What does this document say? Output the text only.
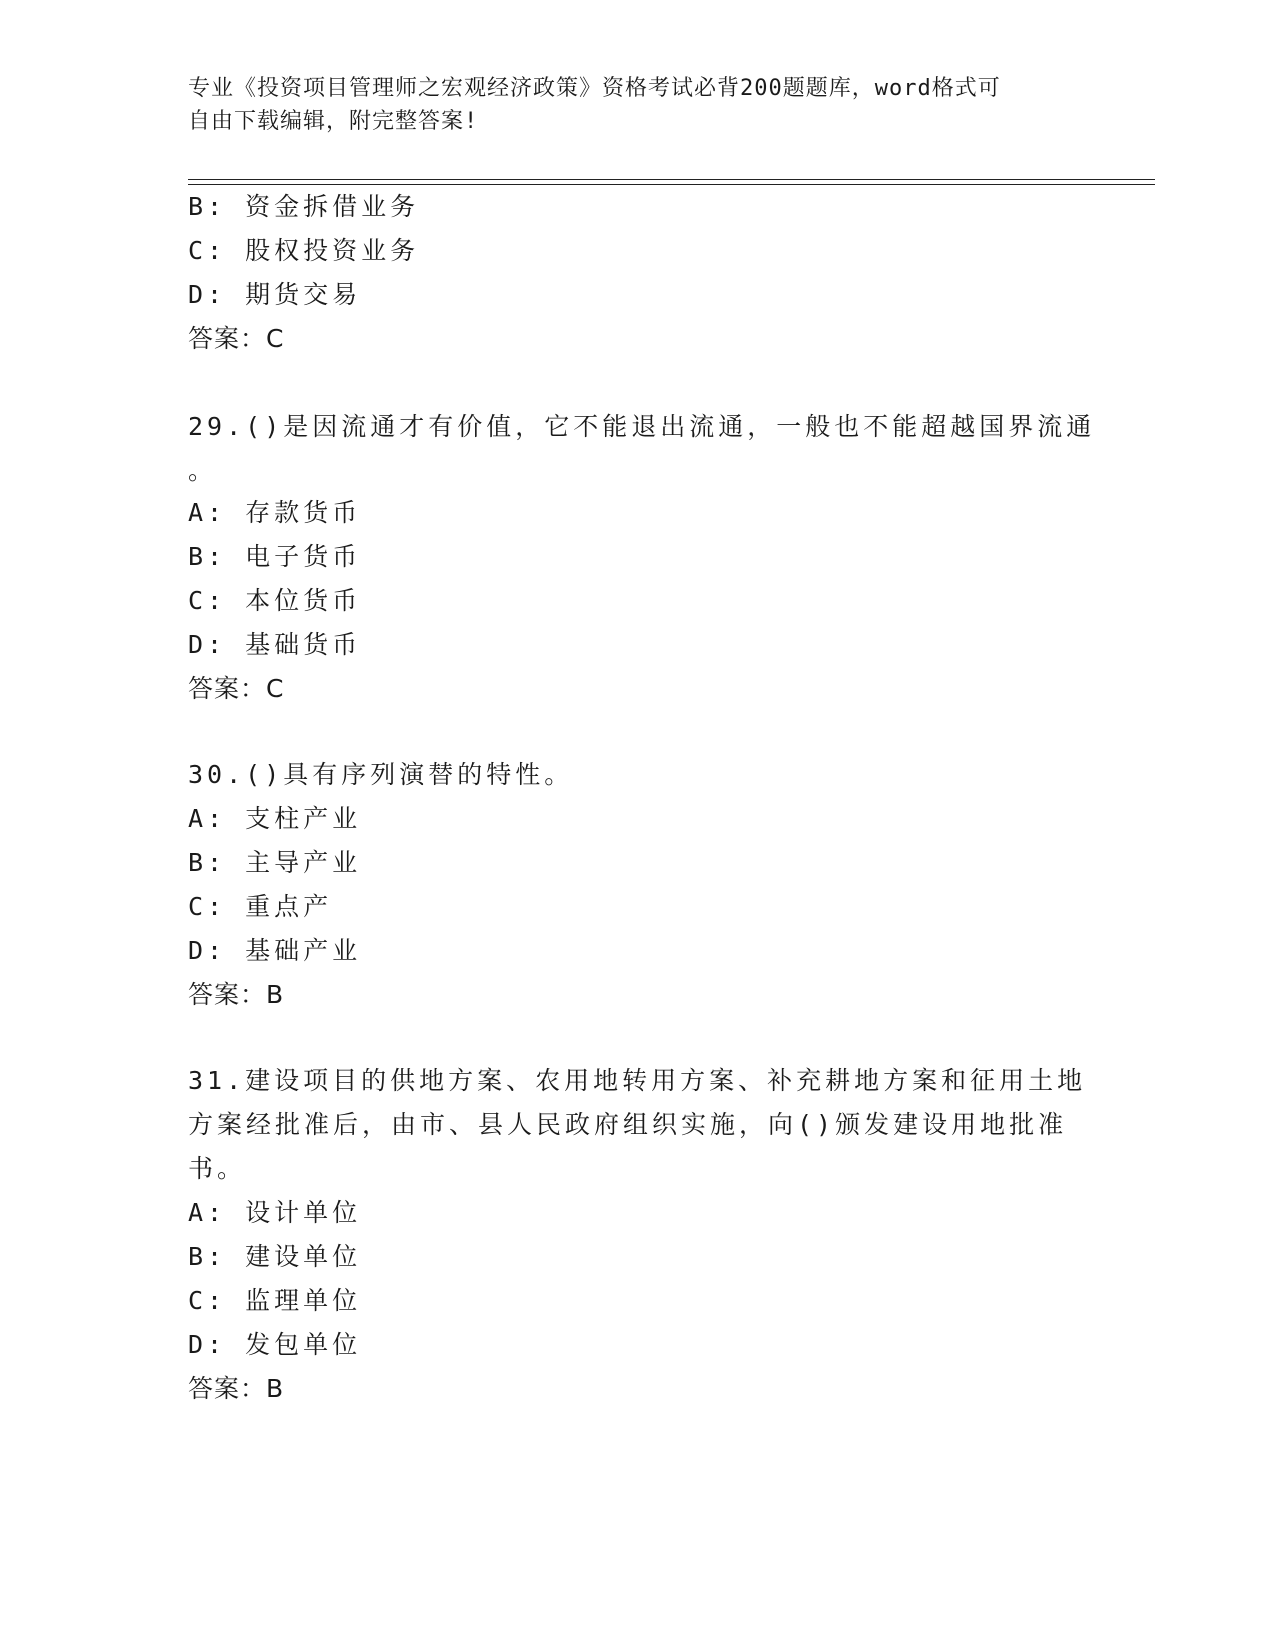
专业《投资项目管理师之宏观经济政策》资格考试必背200题题库，word格式可
自由下载编辑，附完整答案!

B: 资金拆借业务

C: 股权投资业务

D: 期货交易

答案：C

29.()是因流通才有价值，它不能退出流通，一般也不能超越国界流通

。

A: 存款货币

B: 电子货币

C: 本位货币

D: 基础货币

答案：C

30.()具有序列演替的特性。

A: 支柱产业

B: 主导产业

C: 重点产

D: 基础产业

答案：B

31.建设项目的供地方案、农用地转用方案、补充耕地方案和征用土地

方案经批准后，由市、县人民政府组织实施，向()颁发建设用地批准

书。

A: 设计单位

B: 建设单位

C: 监理单位

D: 发包单位

答案：B
